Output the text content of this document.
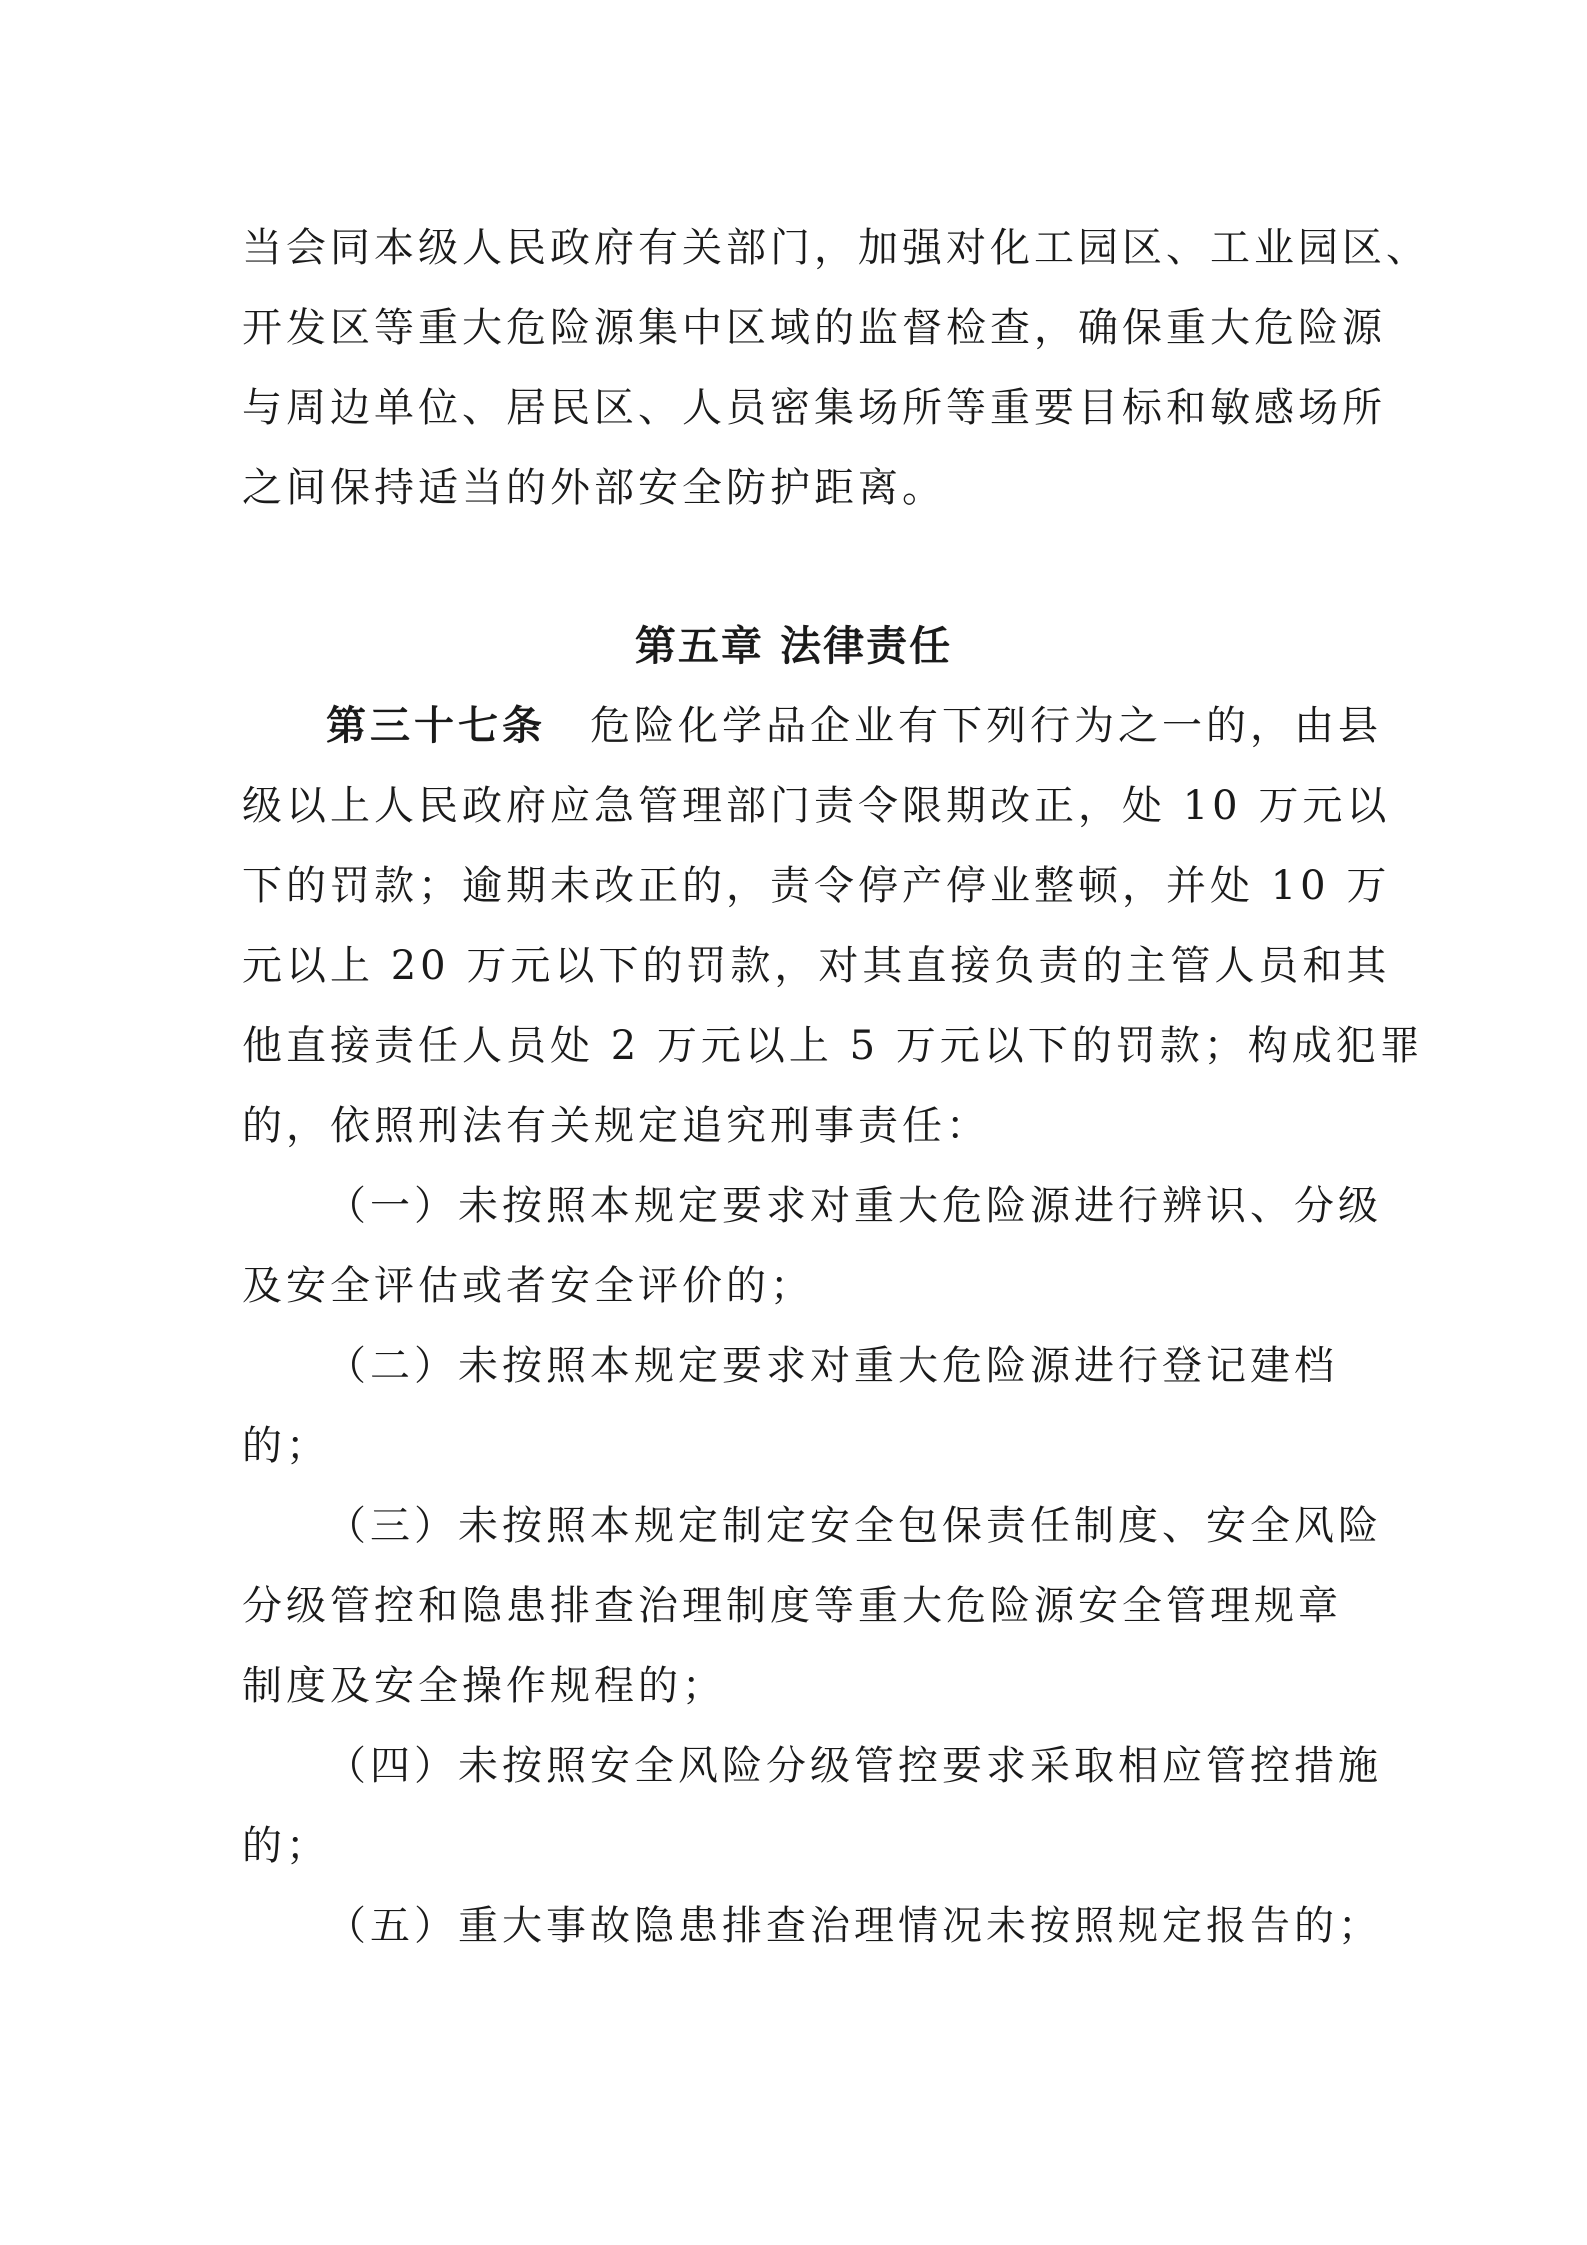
当会同本级人民政府有关部门，加强对化工园区、工业园区、
开发区等重大危险源集中区域的监督检查，确保重大危险源
与周边单位、居民区、人员密集场所等重要目标和敏感场所
之间保持适当的外部安全防护距离。
第五章 法律责任
第三十七条 危险化学品企业有下列行为之一的，由县
级以上人民政府应急管理部门责令限期改正，处 10 万元以
下的罚款；逾期未改正的，责令停产停业整顿，并处 10 万
元以上 20 万元以下的罚款，对其直接负责的主管人员和其
他直接责任人员处 2 万元以上 5 万元以下的罚款；构成犯罪
的，依照刑法有关规定追究刑事责任：
（一）未按照本规定要求对重大危险源进行辨识、分级
及安全评估或者安全评价的；
（二）未按照本规定要求对重大危险源进行登记建档
的；
（三）未按照本规定制定安全包保责任制度、安全风险
分级管控和隐患排查治理制度等重大危险源安全管理规章
制度及安全操作规程的；
（四）未按照安全风险分级管控要求采取相应管控措施
的；
（五）重大事故隐患排查治理情况未按照规定报告的；
